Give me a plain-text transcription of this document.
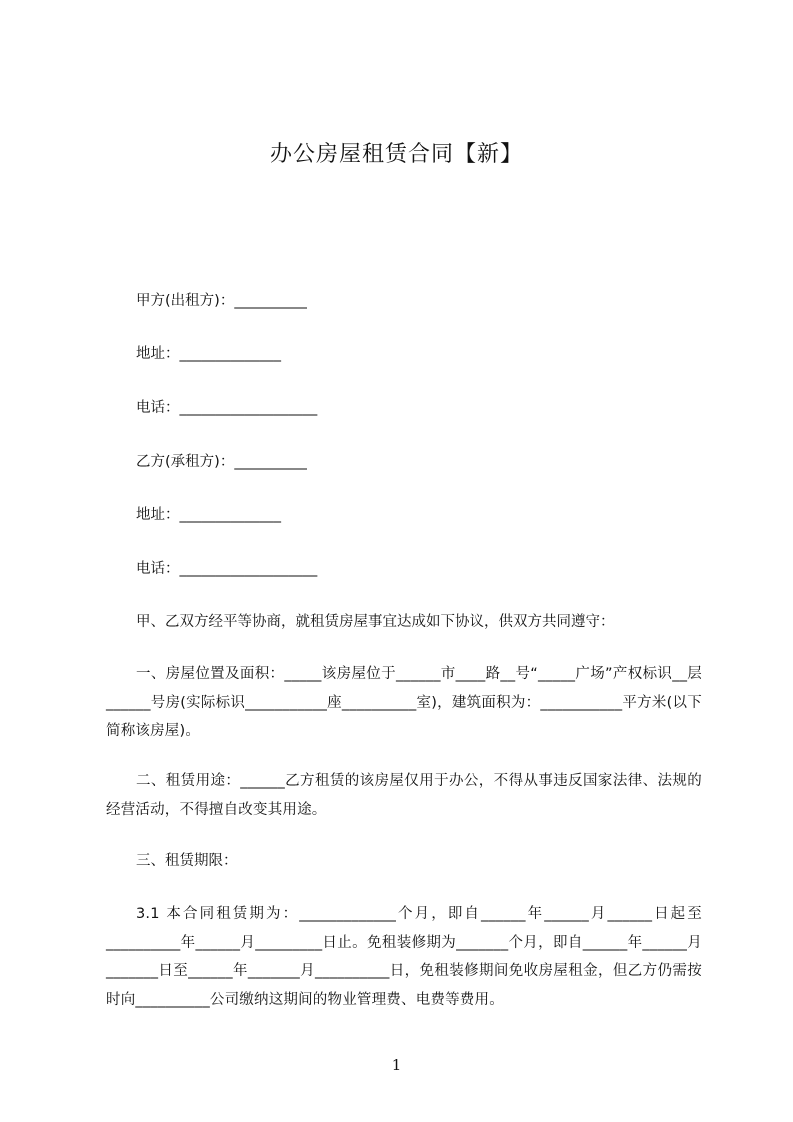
办公房屋租赁合同【新】
甲方(出租方)：__________
地址：______________
电话：___________________
乙方(承租方)：__________
地址：______________
电话：___________________
甲、乙双方经平等协商，就租赁房屋事宜达成如下协议，供双方共同遵守：
一、房屋位置及面积：_____该房屋位于______市____路__号“_____广场”产权标识__层______号房(实际标识___________座__________室)，建筑面积为：___________平方米(以下简称该房屋)。
二、租赁用途：______乙方租赁的该房屋仅用于办公，不得从事违反国家法律、法规的经营活动，不得擅自改变其用途。
三、租赁期限：
3.1 本合同租赁期为：_____________个月，即自______年______月______日起至__________年______月_________日止。免租装修期为_______个月，即自______年______月_______日至______年_______月__________日，免租装修期间免收房屋租金，但乙方仍需按时向__________公司缴纳这期间的物业管理费、电费等费用。
1
